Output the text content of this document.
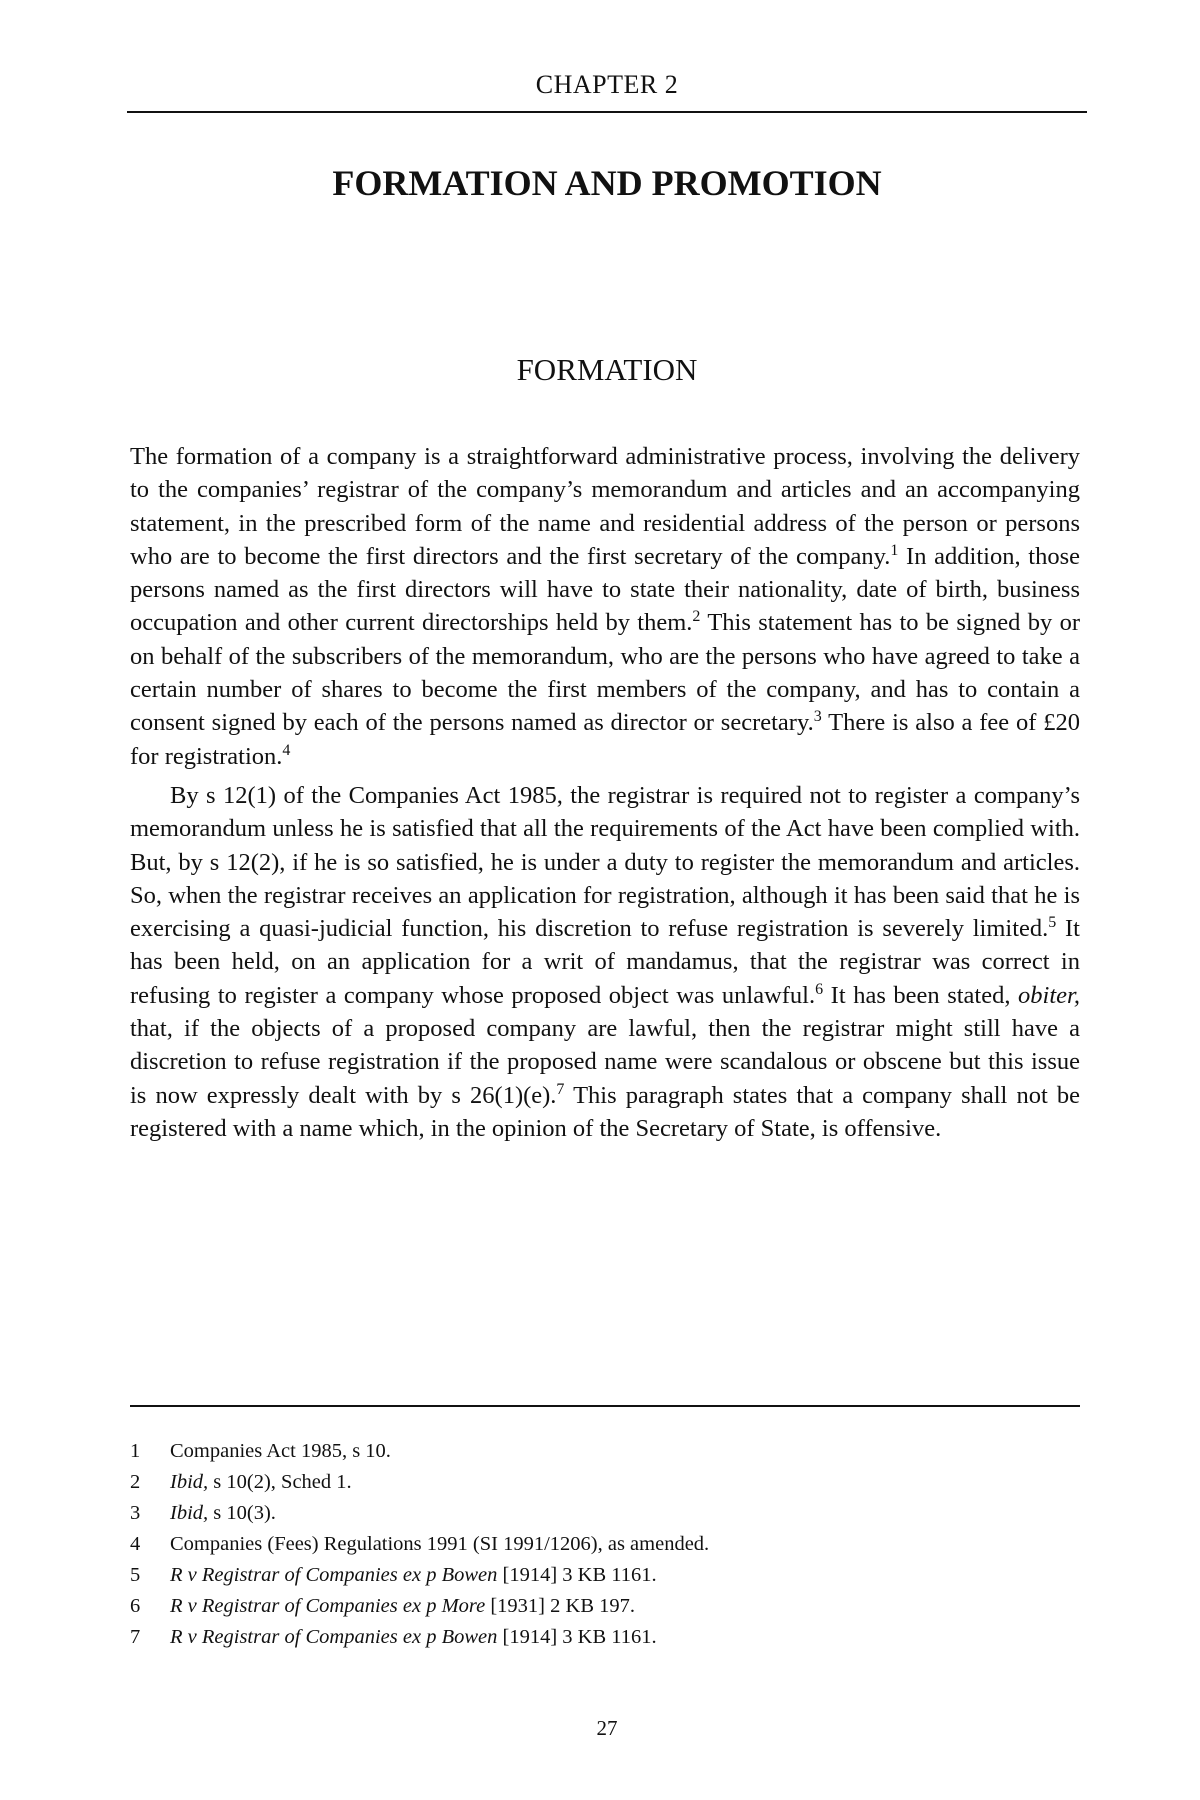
CHAPTER 2
FORMATION AND PROMOTION
FORMATION

The formation of a company is a straightforward administrative process, involving the delivery to the companies’ registrar of the company’s memorandum and articles and an accompanying statement, in the prescribed form of the name and residential address of the person or persons who are to become the first directors and the first secretary of the company.$^1$ In addition, those persons named as the first directors will have to state their nationality, date of birth, business occupation and other current directorships held by them.$^2$ This statement has to be signed by or on behalf of the subscribers of the memorandum, who are the persons who have agreed to take a certain number of shares to become the first members of the company, and has to contain a consent signed by each of the persons named as director or secretary.$^3$ There is also a fee of £20 for registration.$^4$

By s 12(1) of the Companies Act 1985, the registrar is required not to register a company’s memorandum unless he is satisfied that all the requirements of the Act have been complied with. But, by s 12(2), if he is so satisfied, he is under a duty to register the memorandum and articles. So, when the registrar receives an application for registration, although it has been said that he is exercising a quasi-judicial function, his discretion to refuse registration is severely limited.$^5$ It has been held, on an application for a writ of mandamus, that the registrar was correct in refusing to register a company whose proposed object was unlawful.$^6$ It has been stated, obiter, that, if the objects of a proposed company are lawful, then the registrar might still have a discretion to refuse registration if the proposed name were scandalous or obscene but this issue is now expressly dealt with by s 26(1)(e).$^7$ This paragraph states that a company shall not be registered with a name which, in the opinion of the Secretary of State, is offensive.

1	Companies Act 1985, s 10.
2	Ibid, s 10(2), Sched 1.
3	Ibid, s 10(3).
4	Companies (Fees) Regulations 1991 (SI 1991/1206), as amended.
5	R v Registrar of Companies ex p Bowen [1914] 3 KB 1161.
6	R v Registrar of Companies ex p More [1931] 2 KB 197.
7	R v Registrar of Companies ex p Bowen [1914] 3 KB 1161.
27
